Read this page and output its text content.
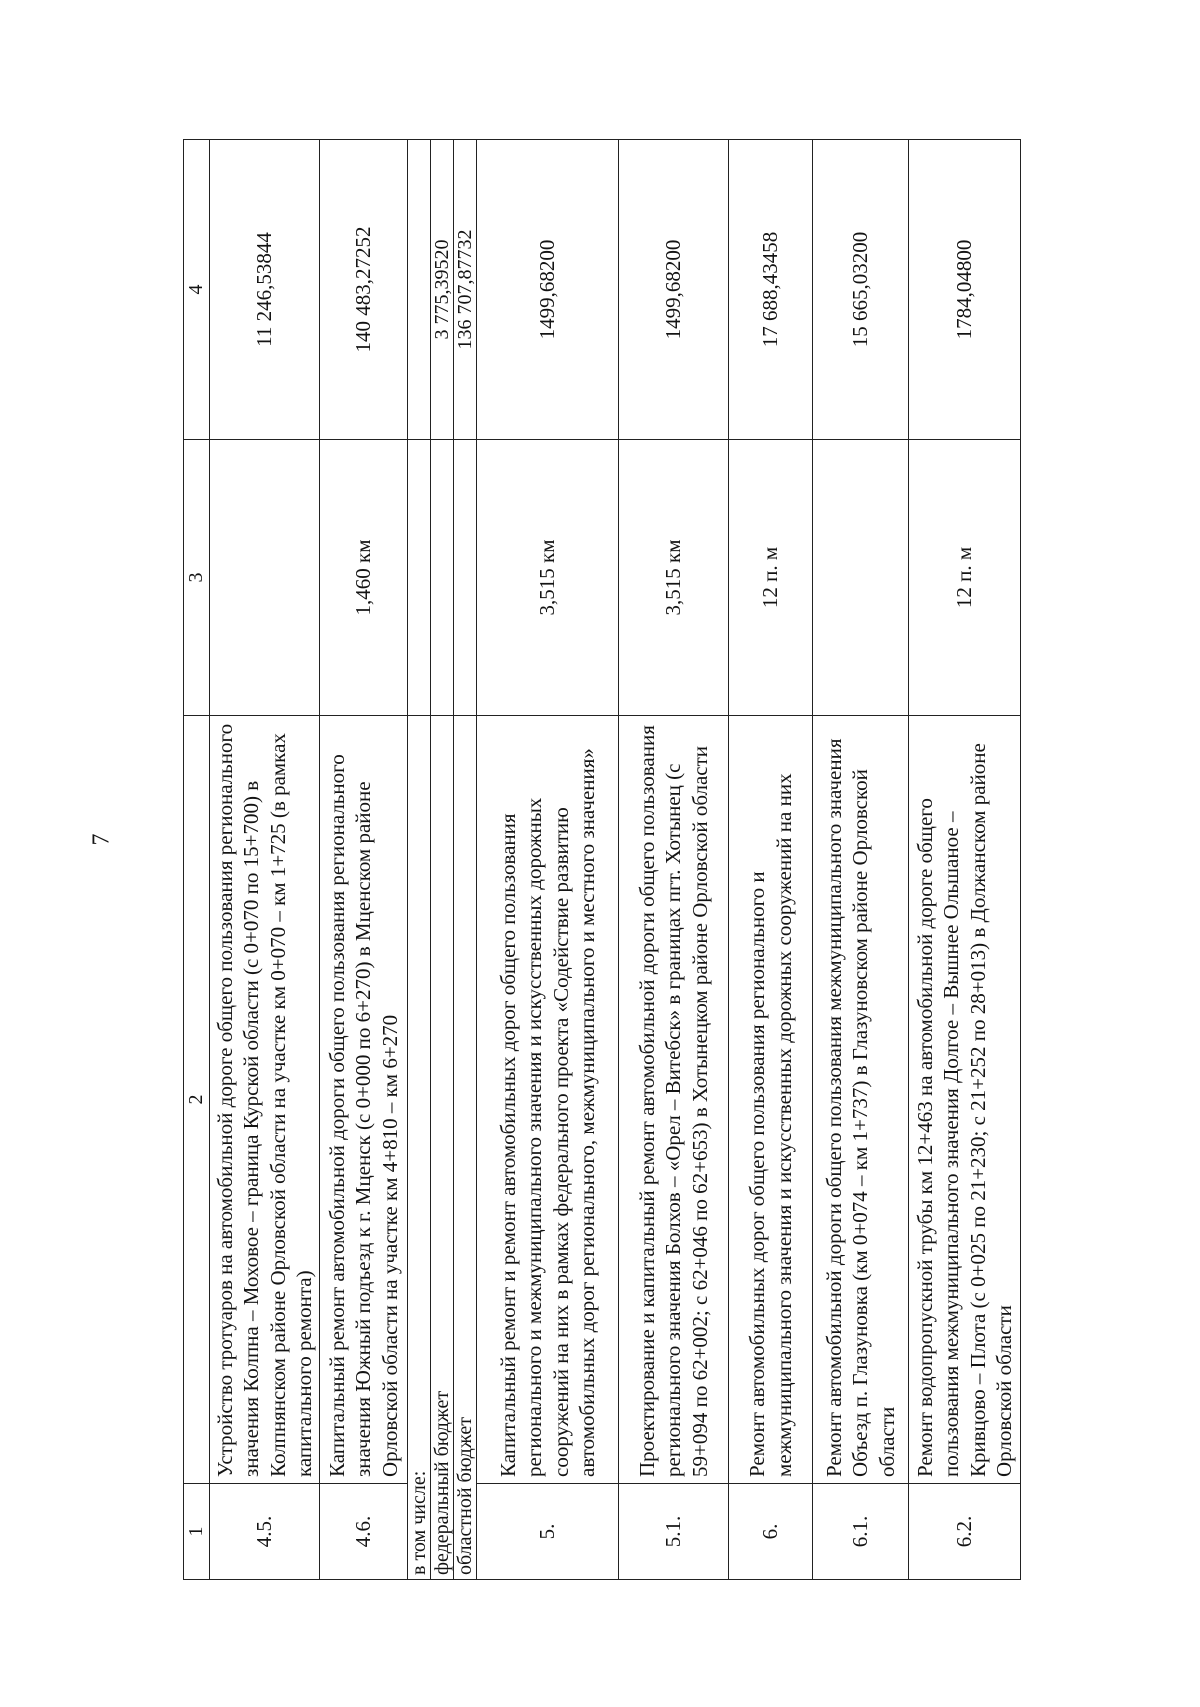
7
1	2	3	4
4.5.	Устройство тротуаров на автомобильной дороге общего пользования регионального значения Колпна – Моховое – граница Курской области (с 0+070 по 15+700) в Колпнянском районе Орловской области на участке км 0+070 – км 1+725 (в рамках капитального ремонта)		11 246,53844
4.6.	Капитальный ремонт автомобильной дороги общего пользования регионального значения Южный подъезд к г. Мценск (с 0+000 по 6+270) в Мценском районе Орловской области на участке км 4+810 – км 6+270	1,460 км	140 483,27252
в том числе:			
федеральный бюджет			3 775,39520
областной бюджет			136 707,87732
5.	Капитальный ремонт и ремонт автомобильных дорог общего пользования регионального и межмуниципального значения и искусственных дорожных сооружений на них в рамках федерального проекта «Содействие развитию автомобильных дорог регионального, межмуниципального и местного значения»	3,515 км	1499,68200
5.1.	Проектирование и капитальный ремонт автомобильной дороги общего пользования регионального значения Болхов – «Орел – Витебск» в границах пгт. Хотынец (с 59+094 по 62+002; с 62+046 по 62+653) в Хотынецком районе Орловской области	3,515 км	1499,68200
6.	Ремонт автомобильных дорог общего пользования регионального и межмуниципального значения и искусственных дорожных сооружений на них	12 п. м	17 688,43458
6.1.	Ремонт автомобильной дороги общего пользования межмуниципального значения Объезд п. Глазуновка (км 0+074 – км 1+737) в Глазуновском районе Орловской области		15 665,03200
6.2.	Ремонт водопропускной трубы км 12+463 на автомобильной дороге общего пользования межмуниципального значения Долгое – Вышнее Ольшаное – Кривцово – Плота (с 0+025 по 21+230; с 21+252 по 28+013) в Должанском районе Орловской области	12 п. м	1784,04800
